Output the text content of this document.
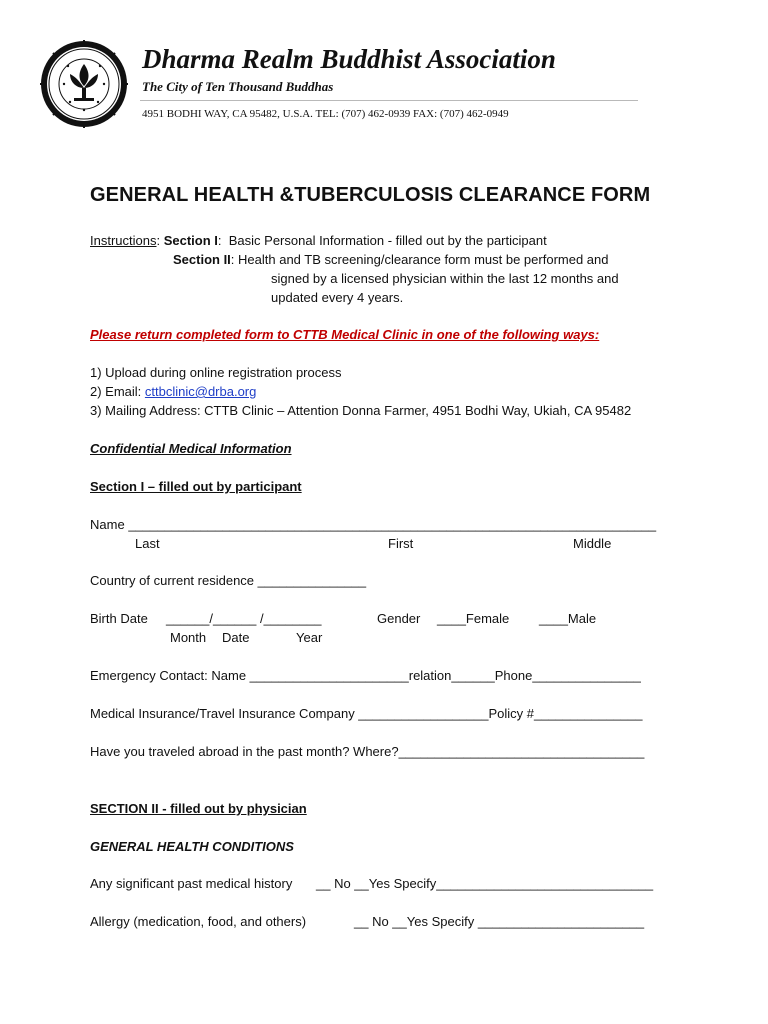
Dharma Realm Buddhist Association
The City of Ten Thousand Buddhas
4951 BODHI WAY, CA 95482, U.S.A. TEL: (707) 462-0939 FAX: (707) 462-0949
GENERAL HEALTH &TUBERCULOSIS CLEARANCE FORM
Instructions: Section I:  Basic Personal Information - filled out by the participant
Section II: Health and TB screening/clearance form must be performed and
signed by a licensed physician within the last 12 months and
updated every 4 years.
Please return completed form to CTTB Medical Clinic in one of the following ways:
1) Upload during online registration process
2) Email: cttbclinic@drba.org
3) Mailing Address: CTTB Clinic – Attention Donna Farmer, 4951 Bodhi Way, Ukiah, CA 95482
Confidential Medical Information
Section I – filled out by participant
Name _________________________________________________________________________
Last	First	Middle
Country of current residence _______________
Birth Date ______/______ /________	Gender ____Female ____Male
Month Date	Year
Emergency Contact: Name ______________________relation______Phone_______________
Medical Insurance/Travel Insurance Company __________________Policy #_______________
Have you traveled abroad in the past month? Where?__________________________________
SECTION II - filled out by physician
GENERAL HEALTH CONDITIONS
Any significant past medical history __ No __Yes Specify______________________________
Allergy (medication, food, and others)	__ No __Yes Specify _______________________
